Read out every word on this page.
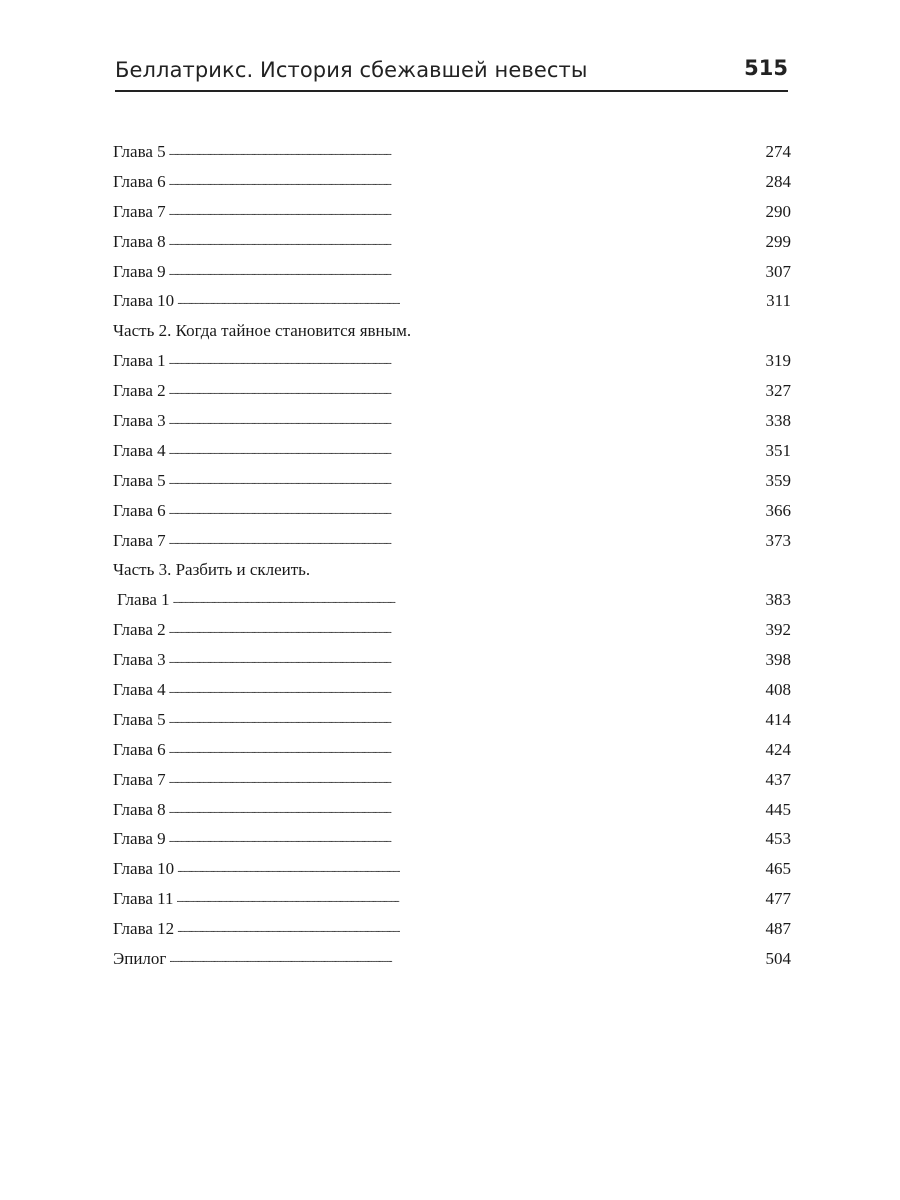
Беллатрикс. История сбежавшей невесты	515
Глава 5 . . .	274
Глава 6 . . .	284
Глава 7 . . .	290
Глава 8 . . .	299
Глава 9 . . .	307
Глава 10 . . .	311
Часть 2. Когда тайное становится явным.
Глава 1 . . .	319
Глава 2 . . .	327
Глава 3 . . .	338
Глава 4 . . .	351
Глава 5 . . .	359
Глава 6 . . .	366
Глава 7 . . .	373
Часть 3. Разбить и склеить.
Глава 1 . . .	383
Глава 2 . . .	392
Глава 3 . . .	398
Глава 4 . . .	408
Глава 5 . . .	414
Глава 6 . . .	424
Глава 7 . . .	437
Глава 8 . . .	445
Глава 9 . . .	453
Глава 10 . . .	465
Глава 11 . . .	477
Глава 12 . . .	487
Эпилог . . .	504
